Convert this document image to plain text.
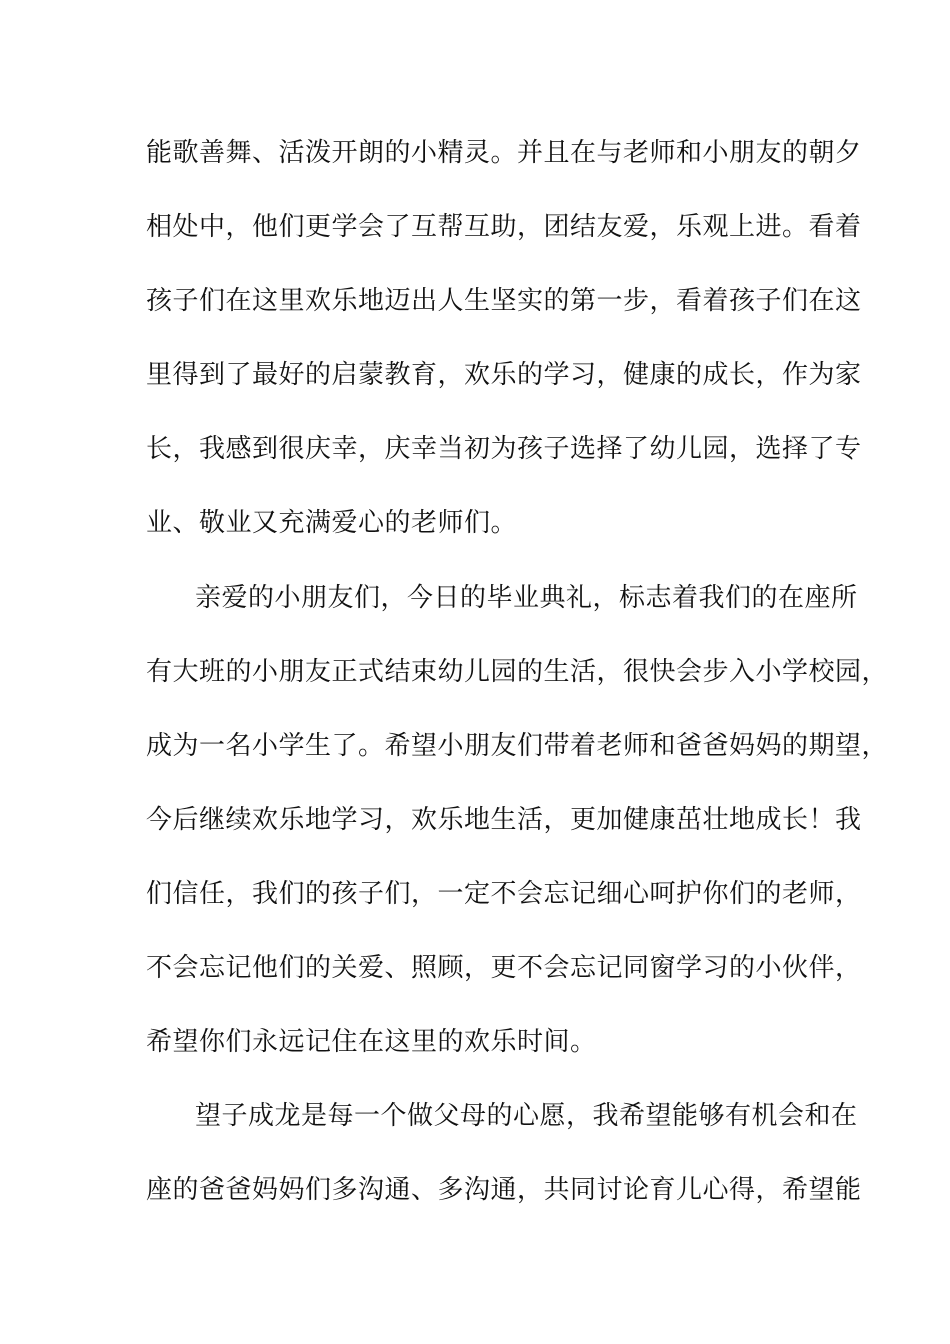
能歌善舞、活泼开朗的小精灵。并且在与老师和小朋友的朝夕
相处中，他们更学会了互帮互助，团结友爱，乐观上进。看着
孩子们在这里欢乐地迈出人生坚实的第一步，看着孩子们在这
里得到了最好的启蒙教育，欢乐的学习，健康的成长，作为家
长，我感到很庆幸，庆幸当初为孩子选择了幼儿园，选择了专
业、敬业又充满爱心的老师们。
亲爱的小朋友们，今日的毕业典礼，标志着我们的在座所
有大班的小朋友正式结束幼儿园的生活，很快会步入小学校园，
成为一名小学生了。希望小朋友们带着老师和爸爸妈妈的期望，
今后继续欢乐地学习，欢乐地生活，更加健康茁壮地成长！我
们信任，我们的孩子们，一定不会忘记细心呵护你们的老师，
不会忘记他们的关爱、照顾，更不会忘记同窗学习的小伙伴，
希望你们永远记住在这里的欢乐时间。
望子成龙是每一个做父母的心愿，我希望能够有机会和在
座的爸爸妈妈们多沟通、多沟通，共同讨论育儿心得，希望能
